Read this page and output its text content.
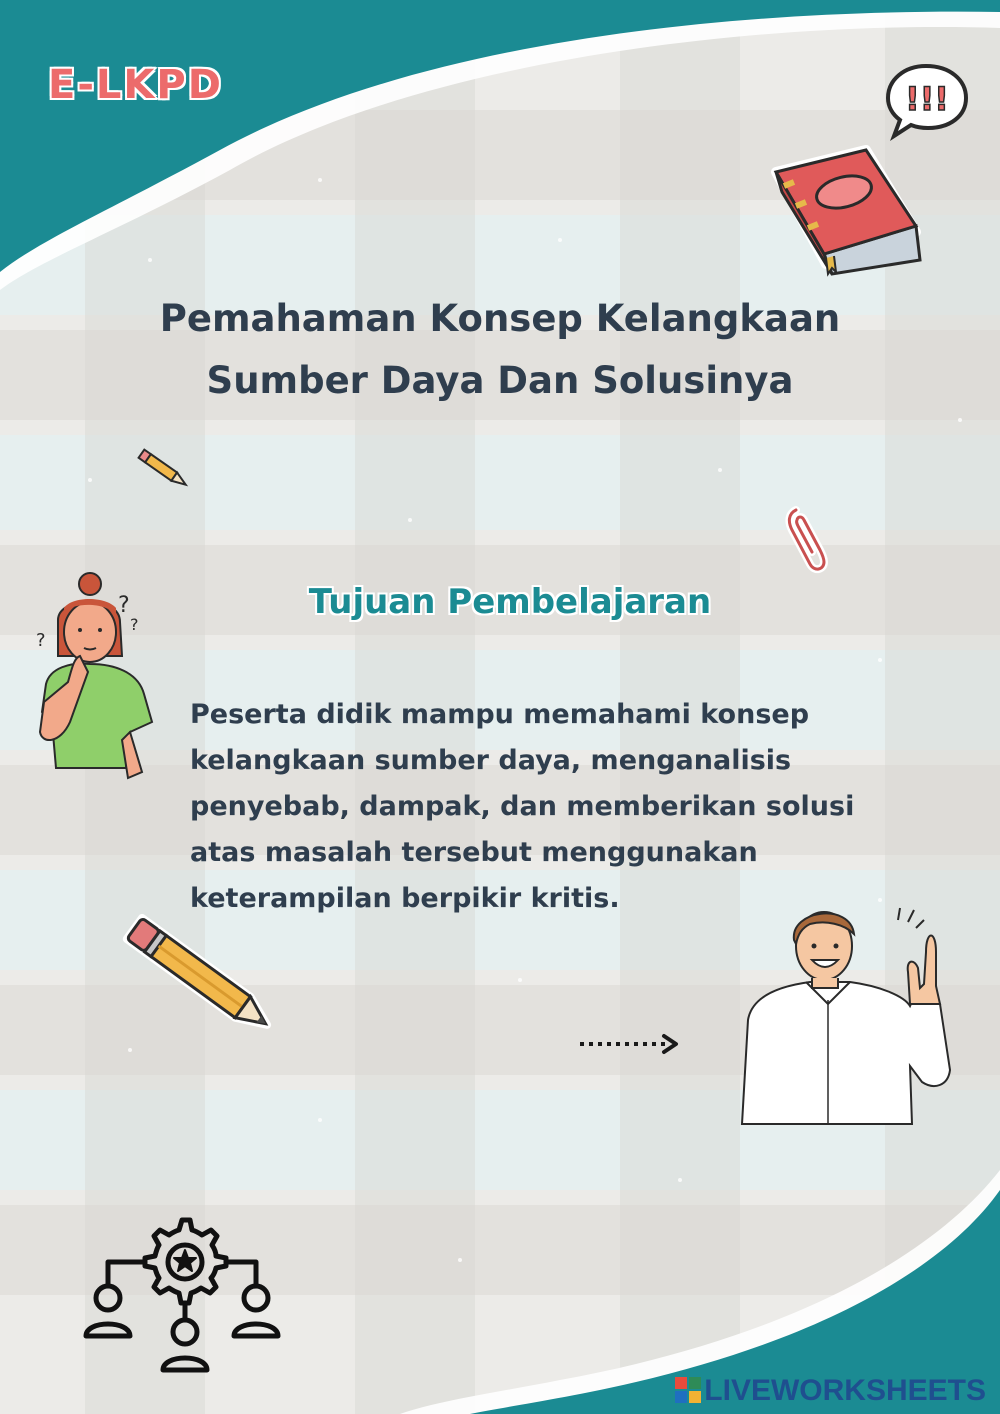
E-LKPD	!!!
Pemahaman Konsep Kelangkaan
Sumber Daya Dan Solusinya
Tujuan Pembelajaran
?
?
?

Peserta didik mampu memahami konsep
kelangkaan sumber daya, menganalisis
penyebab, dampak, dan memberikan solusi
atas masalah tersebut menggunakan
keterampilan berpikir kritis.

LIVEWORKSHEETS
